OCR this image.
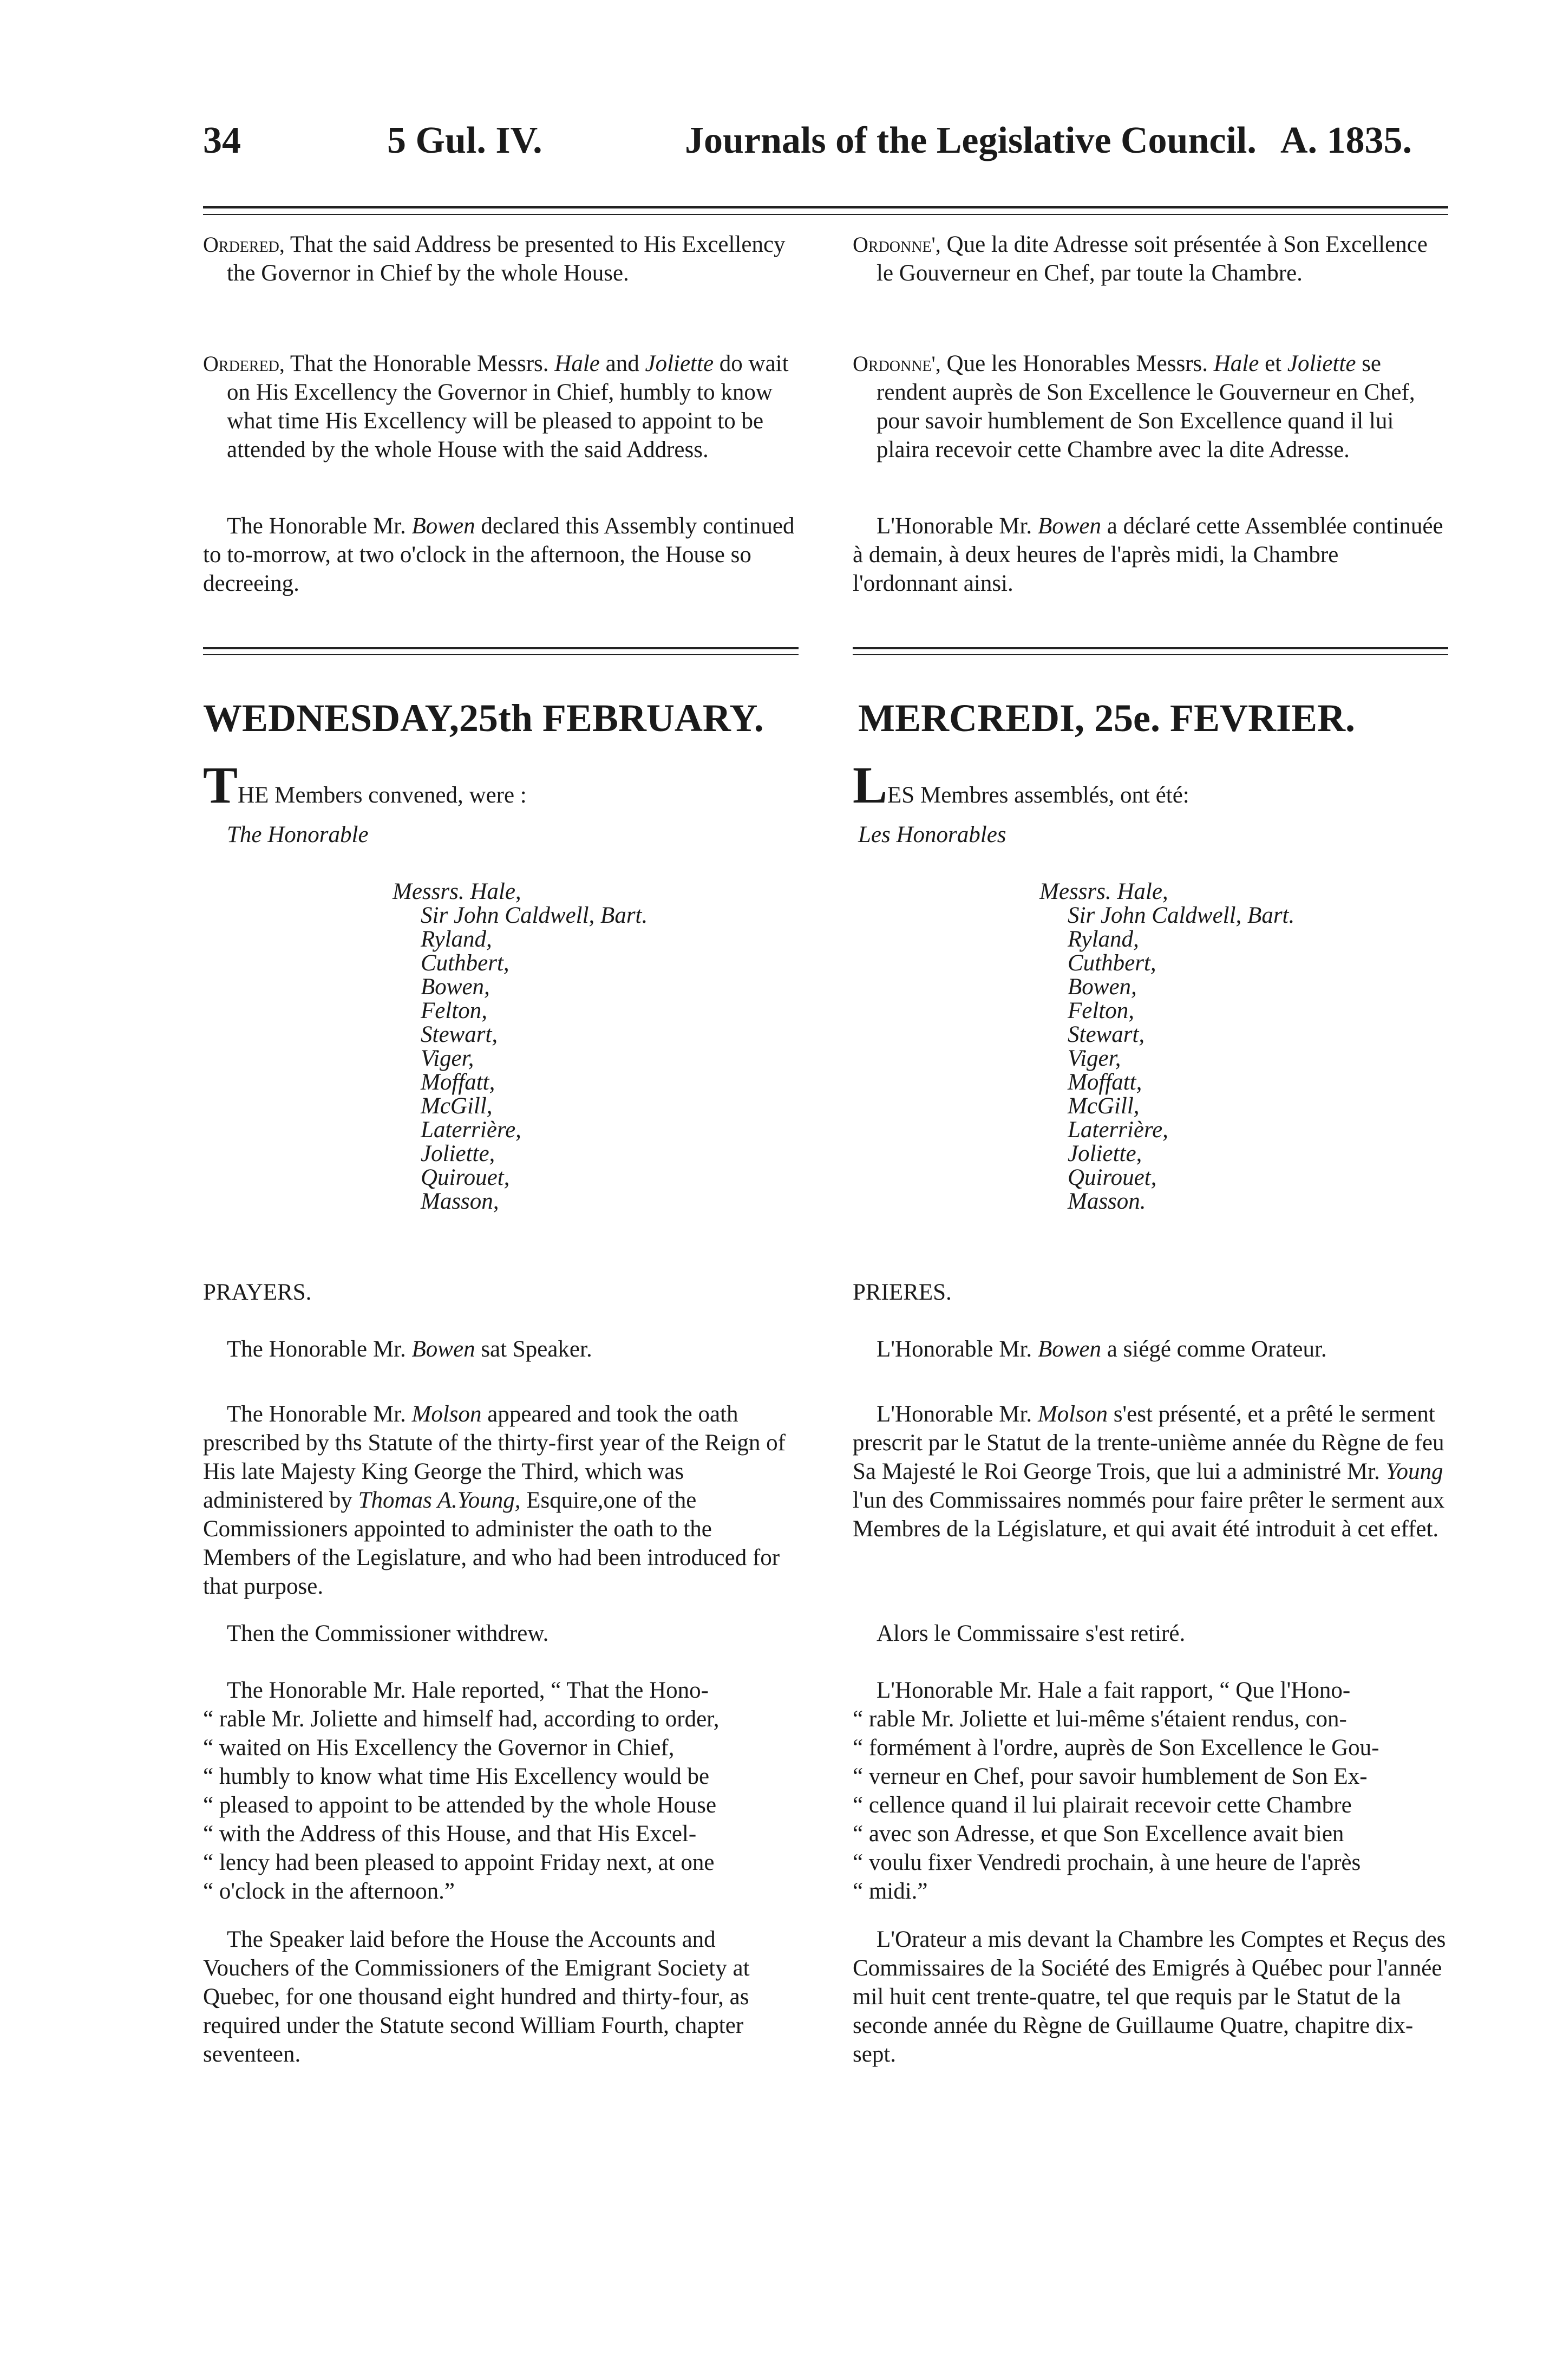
34	5 Gul. IV.	Journals of the Legislative Council. A. 1835.
Ordered, That the said Address be presented to His Excellency the Governor in Chief by the whole House.
Ordered, That the Honorable Messrs. Hale and Joliette do wait on His Excellency the Governor in Chief, humbly to know what time His Excellency will be pleased to appoint to be attended by the whole House with the said Address.
The Honorable Mr. Bowen declared this Assembly continued to to-morrow, at two o'clock in the afternoon, the House so decreeing.
WEDNESDAY,25th FEBRUARY.
THE Members convened, were :
The Honorable
Messrs. Hale,
Sir John Caldwell, Bart.
Ryland,
Cuthbert,
Bowen,
Felton,
Stewart,
Viger,
Moffatt,
McGill,
Laterrière,
Joliette,
Quirouet,
Masson,
PRAYERS.
The Honorable Mr. Bowen sat Speaker.
The Honorable Mr. Molson appeared and took the oath prescribed by ths Statute of the thirty-first year of the Reign of His late Majesty King George the Third, which was administered by Thomas A.Young, Esquire,one of the Commissioners appointed to administer the oath to the Members of the Legislature, and who had been introduced for that purpose.
Then the Commissioner withdrew.
The Honorable Mr. Hale reported, “ That the Hono-
“ rable Mr. Joliette and himself had, according to order,
“ waited on His Excellency the Governor in Chief,
“ humbly to know what time His Excellency would be
“ pleased to appoint to be attended by the whole House
“ with the Address of this House, and that His Excel-
“ lency had been pleased to appoint Friday next, at one
“ o'clock in the afternoon.”
The Speaker laid before the House the Accounts and Vouchers of the Commissioners of the Emigrant Society at Quebec, for one thousand eight hundred and thirty-four, as required under the Statute second William Fourth, chapter seventeen.
Ordonne', Que la dite Adresse soit présentée à Son Excellence le Gouverneur en Chef, par toute la Chambre.
Ordonne', Que les Honorables Messrs. Hale et Joliette se rendent auprès de Son Excellence le Gouverneur en Chef, pour savoir humblement de Son Excellence quand il lui plaira recevoir cette Chambre avec la dite Adresse.
L'Honorable Mr. Bowen a déclaré cette Assemblée continuée à demain, à deux heures de l'après midi, la Chambre l'ordonnant ainsi.
MERCREDI, 25e. FEVRIER.
LES Membres assemblés, ont été:
Les Honorables
Messrs. Hale,
Sir John Caldwell, Bart.
Ryland,
Cuthbert,
Bowen,
Felton,
Stewart,
Viger,
Moffatt,
McGill,
Laterrière,
Joliette,
Quirouet,
Masson.
PRIERES.
L'Honorable Mr. Bowen a siégé comme Orateur.
L'Honorable Mr. Molson s'est présenté, et a prêté le serment prescrit par le Statut de la trente-unième année du Règne de feu Sa Majesté le Roi George Trois, que lui a administré Mr. Young l'un des Commissaires nommés pour faire prêter le serment aux Membres de la Législature, et qui avait été introduit à cet effet.
Alors le Commissaire s'est retiré.
L'Honorable Mr. Hale a fait rapport, “ Que l'Hono-
“ rable Mr. Joliette et lui-même s'étaient rendus, con-
“ formément à l'ordre, auprès de Son Excellence le Gou-
“ verneur en Chef, pour savoir humblement de Son Ex-
“ cellence quand il lui plairait recevoir cette Chambre
“ avec son Adresse, et que Son Excellence avait bien
“ voulu fixer Vendredi prochain, à une heure de l'après
“ midi.”
L'Orateur a mis devant la Chambre les Comptes et Reçus des Commissaires de la Société des Emigrés à Québec pour l'année mil huit cent trente-quatre, tel que requis par le Statut de la seconde année du Règne de Guillaume Quatre, chapitre dix-sept.
